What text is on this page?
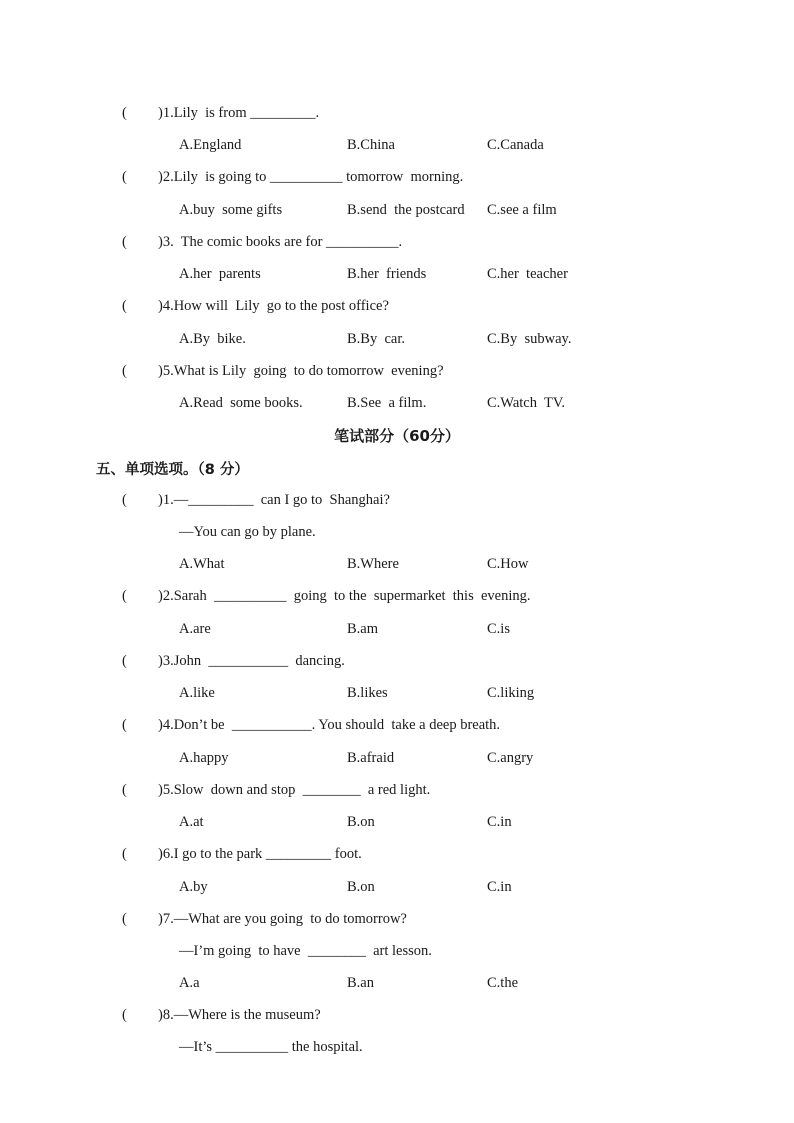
( )1.Lily  is from _________.
A.England	B.China	C.Canada
( )2.Lily  is going to __________ tomorrow  morning.
A.buy  some gifts	B.send  the postcard C.see a film
( )3.  The comic books are for __________.
A.her  parents	B.her  friends	C.her  teacher
( )4.How will  Lily  go to the post office?
A.By  bike.	B.By  car.	C.By  subway.
( )5.What is Lily  going  to do tomorrow  evening?
A.Read  some books.	B.See  a film.	C.Watch  TV.
笔试部分（60分）
五、单项选项。（8 分）
( )1.—_________  can I go to  Shanghai?
—You can go by plane.
A.What	B.Where	C.How
( )2.Sarah  __________  going  to the  supermarket  this  evening.
A.are	B.am	C.is
( )3.John  ___________  dancing.
A.like	B.likes	C.liking
( )4.Don’t be  ___________. You should  take a deep breath.
A.happy	B.afraid	C.angry
( )5.Slow  down and stop  ________  a red light.
A.at	B.on	C.in
( )6.I go to the park _________ foot.
A.by	B.on	C.in
( )7.—What are you going  to do tomorrow?
—I’m going  to have  ________  art lesson.
A.a	B.an	C.the
( )8.—Where is the museum?
—It’s __________ the hospital.
